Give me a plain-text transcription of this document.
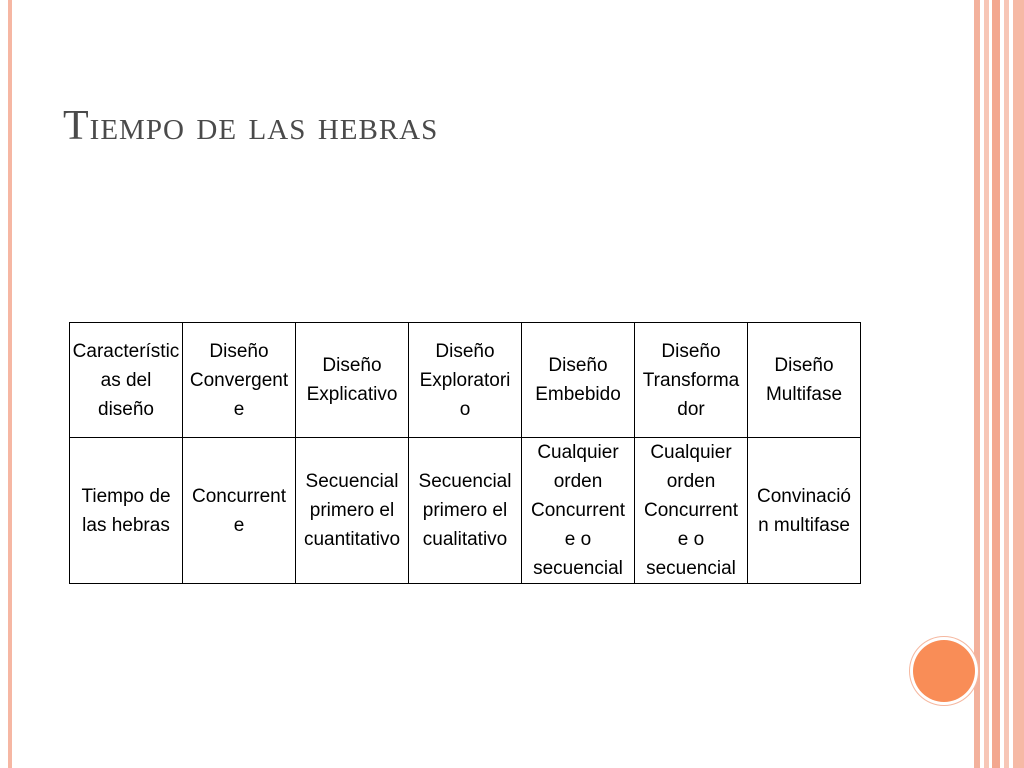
Tiempo de las hebras
Característic
as del
diseño	Diseño
Convergent
e	Diseño
Explicativo	Diseño
Exploratori
o	Diseño
Embebido	Diseño
Transforma
dor	Diseño
Multifase
Tiempo de
las hebras	Concurrent
e	Secuencial
primero el
cuantitativo	Secuencial
primero el
cualitativo	Cualquier
orden
Concurrent
e o
secuencial	Cualquier
orden
Concurrent
e o
secuencial	Convinació
n multifase
